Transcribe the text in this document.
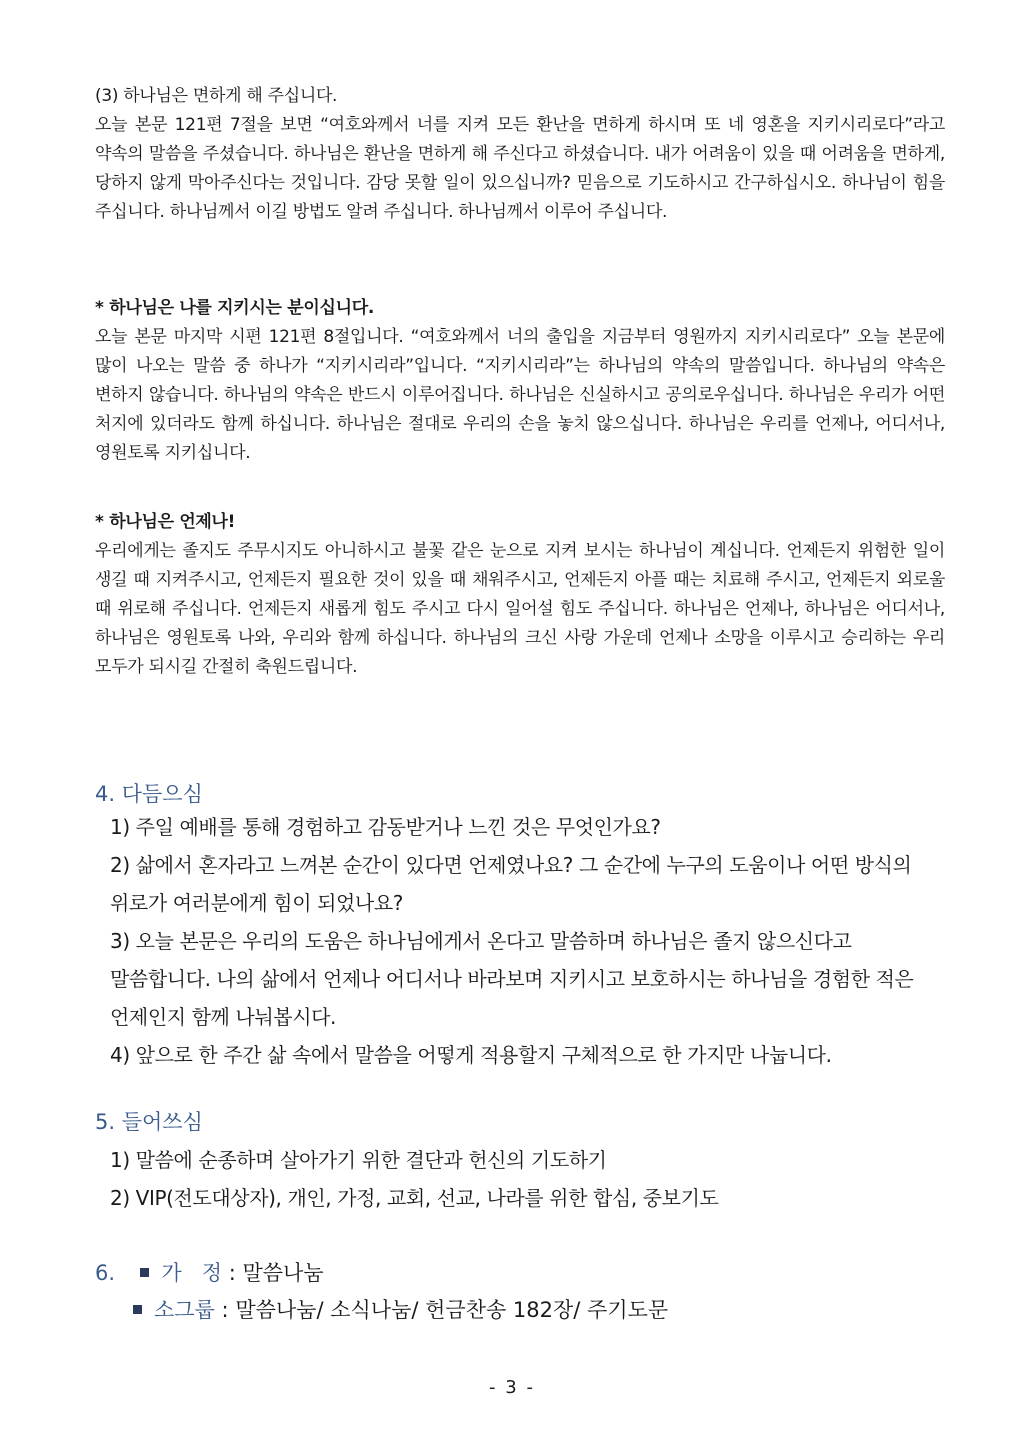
(3) 하나님은 면하게 해 주십니다.

오늘 본문 121편 7절을 보면 “여호와께서 너를 지켜 모든 환난을 면하게 하시며 또 네 영혼을 지키시리로다”라고 약속의 말씀을 주셨습니다. 하나님은 환난을 면하게 해 주신다고 하셨습니다. 내가 어려움이 있을 때 어려움을 면하게, 당하지 않게 막아주신다는 것입니다. 감당 못할 일이 있으십니까? 믿음으로 기도하시고 간구하십시오. 하나님이 힘을 주십니다. 하나님께서 이길 방법도 알려 주십니다. 하나님께서 이루어 주십니다.

* 하나님은 나를 지키시는 분이십니다.

오늘 본문 마지막 시편 121편 8절입니다. “여호와께서 너의 출입을 지금부터 영원까지 지키시리로다” 오늘 본문에 많이 나오는 말씀 중 하나가 “지키시리라”입니다. “지키시리라”는 하나님의 약속의 말씀입니다. 하나님의 약속은 변하지 않습니다. 하나님의 약속은 반드시 이루어집니다. 하나님은 신실하시고 공의로우십니다. 하나님은 우리가 어떤 처지에 있더라도 함께 하십니다. 하나님은 절대로 우리의 손을 놓치 않으십니다. 하나님은 우리를 언제나, 어디서나, 영원토록 지키십니다.

* 하나님은 언제나!

우리에게는 졸지도 주무시지도 아니하시고 불꽃 같은 눈으로 지켜 보시는 하나님이 계십니다. 언제든지 위험한 일이 생길 때 지켜주시고, 언제든지 필요한 것이 있을 때 채워주시고, 언제든지 아플 때는 치료해 주시고, 언제든지 외로울 때 위로해 주십니다. 언제든지 새롭게 힘도 주시고 다시 일어설 힘도 주십니다. 하나님은 언제나, 하나님은 어디서나, 하나님은 영원토록 나와, 우리와 함께 하십니다. 하나님의 크신 사랑 가운데 언제나 소망을 이루시고 승리하는 우리 모두가 되시길 간절히 축원드립니다.

4. 다듬으심

1) 주일 예배를 통해 경험하고 감동받거나 느낀 것은 무엇인가요?

2) 삶에서 혼자라고 느껴본 순간이 있다면 언제였나요? 그 순간에 누구의 도움이나 어떤 방식의 위로가 여러분에게 힘이 되었나요?

3) 오늘 본문은 우리의 도움은 하나님에게서 온다고 말씀하며 하나님은 졸지 않으신다고 말씀합니다. 나의 삶에서 언제나 어디서나 바라보며 지키시고 보호하시는 하나님을 경험한 적은 언제인지 함께 나눠봅시다.

4) 앞으로 한 주간 삶 속에서 말씀을 어떻게 적용할지 구체적으로 한 가지만 나눕니다.

5. 들어쓰심

1) 말씀에 순종하며 살아가기 위한 결단과 헌신의 기도하기

2) VIP(전도대상자), 개인, 가정, 교회, 선교, 나라를 위한 합심, 중보기도

6. 가   정 : 말씀나눔
소그룹 : 말씀나눔/ 소식나눔/ 헌금찬송 182장/ 주기도문
- 3 -
